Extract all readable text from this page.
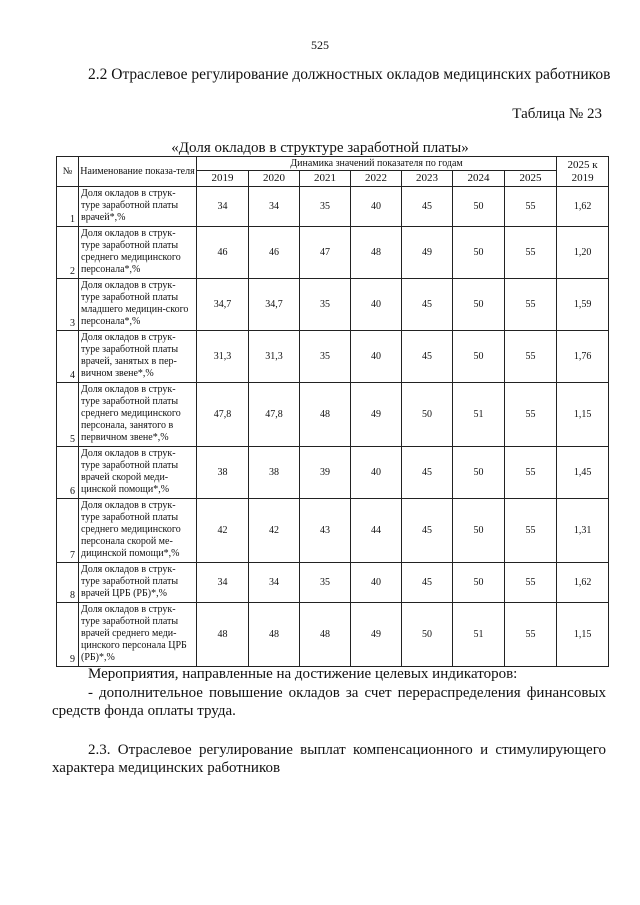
525
2.2 Отраслевое регулирование должностных окладов медицинских работников
Таблица № 23
«Доля окладов в структуре заработной платы»
№	Наименование показа-теля	Динамика значений показателя по годам							2025 к 2019
		2019	2020	2021	2022	2023	2024	2025	
1	Доля окладов в струк-туре заработной платы врачей*,%	34	34	35	40	45	50	55	1,62
2	Доля окладов в струк-туре заработной платы среднего медицинского персонала*,%	46	46	47	48	49	50	55	1,20
3	Доля окладов в струк-туре заработной платы младшего медицин-ского персонала*,%	34,7	34,7	35	40	45	50	55	1,59
4	Доля окладов в струк-туре заработной платы врачей, занятых в пер-вичном звене*,%	31,3	31,3	35	40	45	50	55	1,76
5	Доля окладов в струк-туре заработной платы среднего медицинского персонала, занятого в первичном звене*,%	47,8	47,8	48	49	50	51	55	1,15
6	Доля окладов в струк-туре заработной платы врачей скорой меди-цинской помощи*,%	38	38	39	40	45	50	55	1,45
7	Доля окладов в струк-туре заработной платы среднего медицинского персонала скорой ме-дицинской помощи*,%	42	42	43	44	45	50	55	1,31
8	Доля окладов в струк-туре заработной платы врачей ЦРБ (РБ)*,%	34	34	35	40	45	50	55	1,62
9	Доля окладов в струк-туре заработной платы врачей среднего меди-цинского персонала ЦРБ (РБ)*,%	48	48	48	49	50	51	55	1,15
Мероприятия, направленные на достижение целевых индикаторов:
- дополнительное повышение окладов за счет перераспределения финансовых средств фонда оплаты труда.
2.3. Отраслевое регулирование выплат компенсационного и стимулирующего характера медицинских работников
